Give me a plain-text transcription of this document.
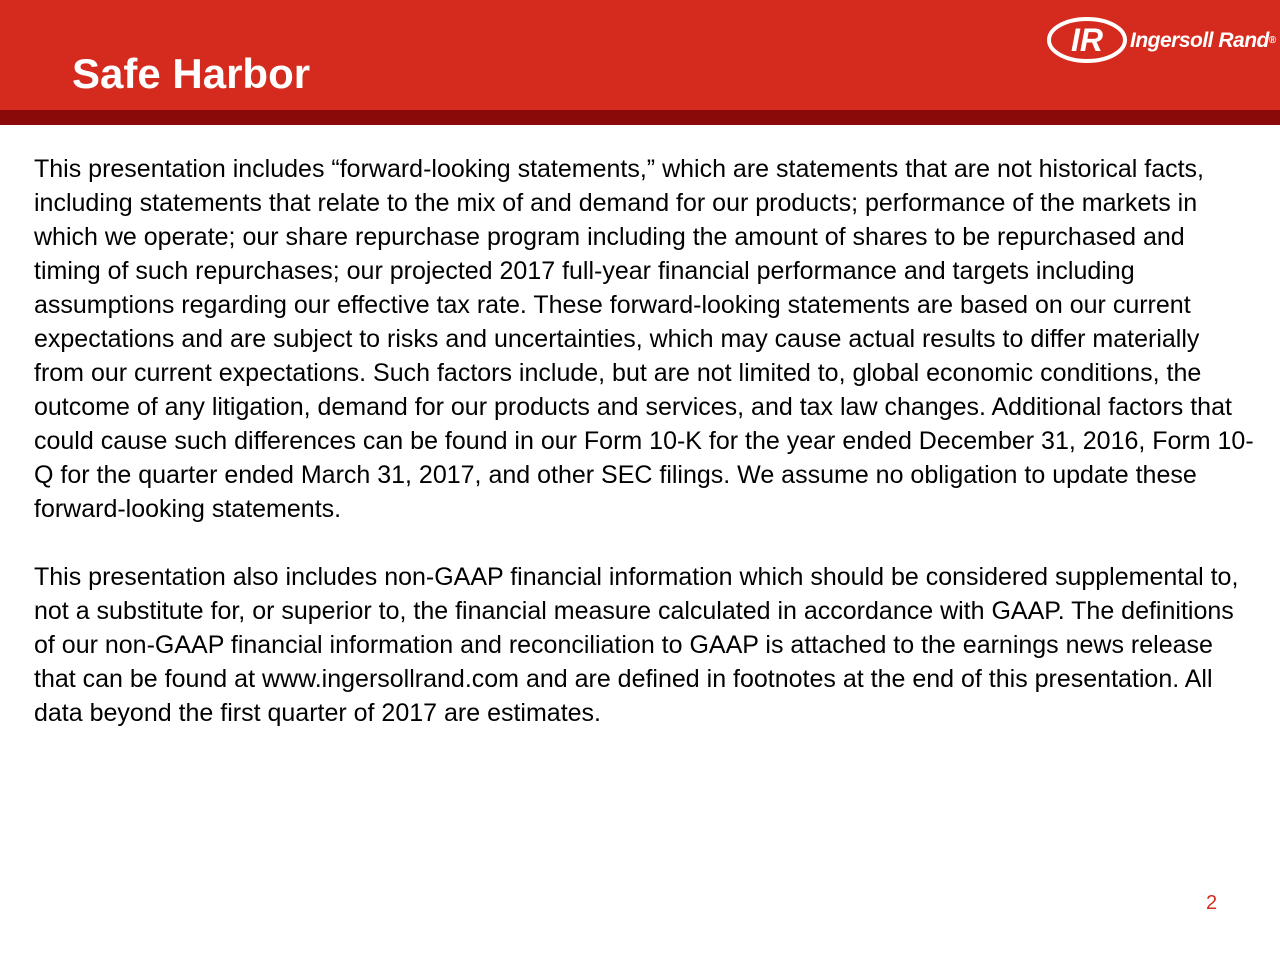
Safe Harbor
IR Ingersoll Rand®

This presentation includes “forward-looking statements,” which are statements that are not historical facts, including statements that relate to the mix of and demand for our products; performance of the markets in which we operate; our share repurchase program including the amount of shares to be repurchased and timing of such repurchases; our projected 2017 full-year financial performance and targets including assumptions regarding our effective tax rate. These forward-looking statements are based on our current expectations and are subject to risks and uncertainties, which may cause actual results to differ materially from our current expectations. Such factors include, but are not limited to, global economic conditions, the outcome of any litigation, demand for our products and services, and tax law changes. Additional factors that could cause such differences can be found in our Form 10-K for the year ended December 31, 2016, Form 10-Q for the quarter ended March 31, 2017, and other SEC filings. We assume no obligation to update these forward-looking statements.

This presentation also includes non-GAAP financial information which should be considered supplemental to, not a substitute for, or superior to, the financial measure calculated in accordance with GAAP. The definitions of our non-GAAP financial information and reconciliation to GAAP is attached to the earnings news release that can be found at www.ingersollrand.com and are defined in footnotes at the end of this presentation. All data beyond the first quarter of 2017 are estimates.

2
